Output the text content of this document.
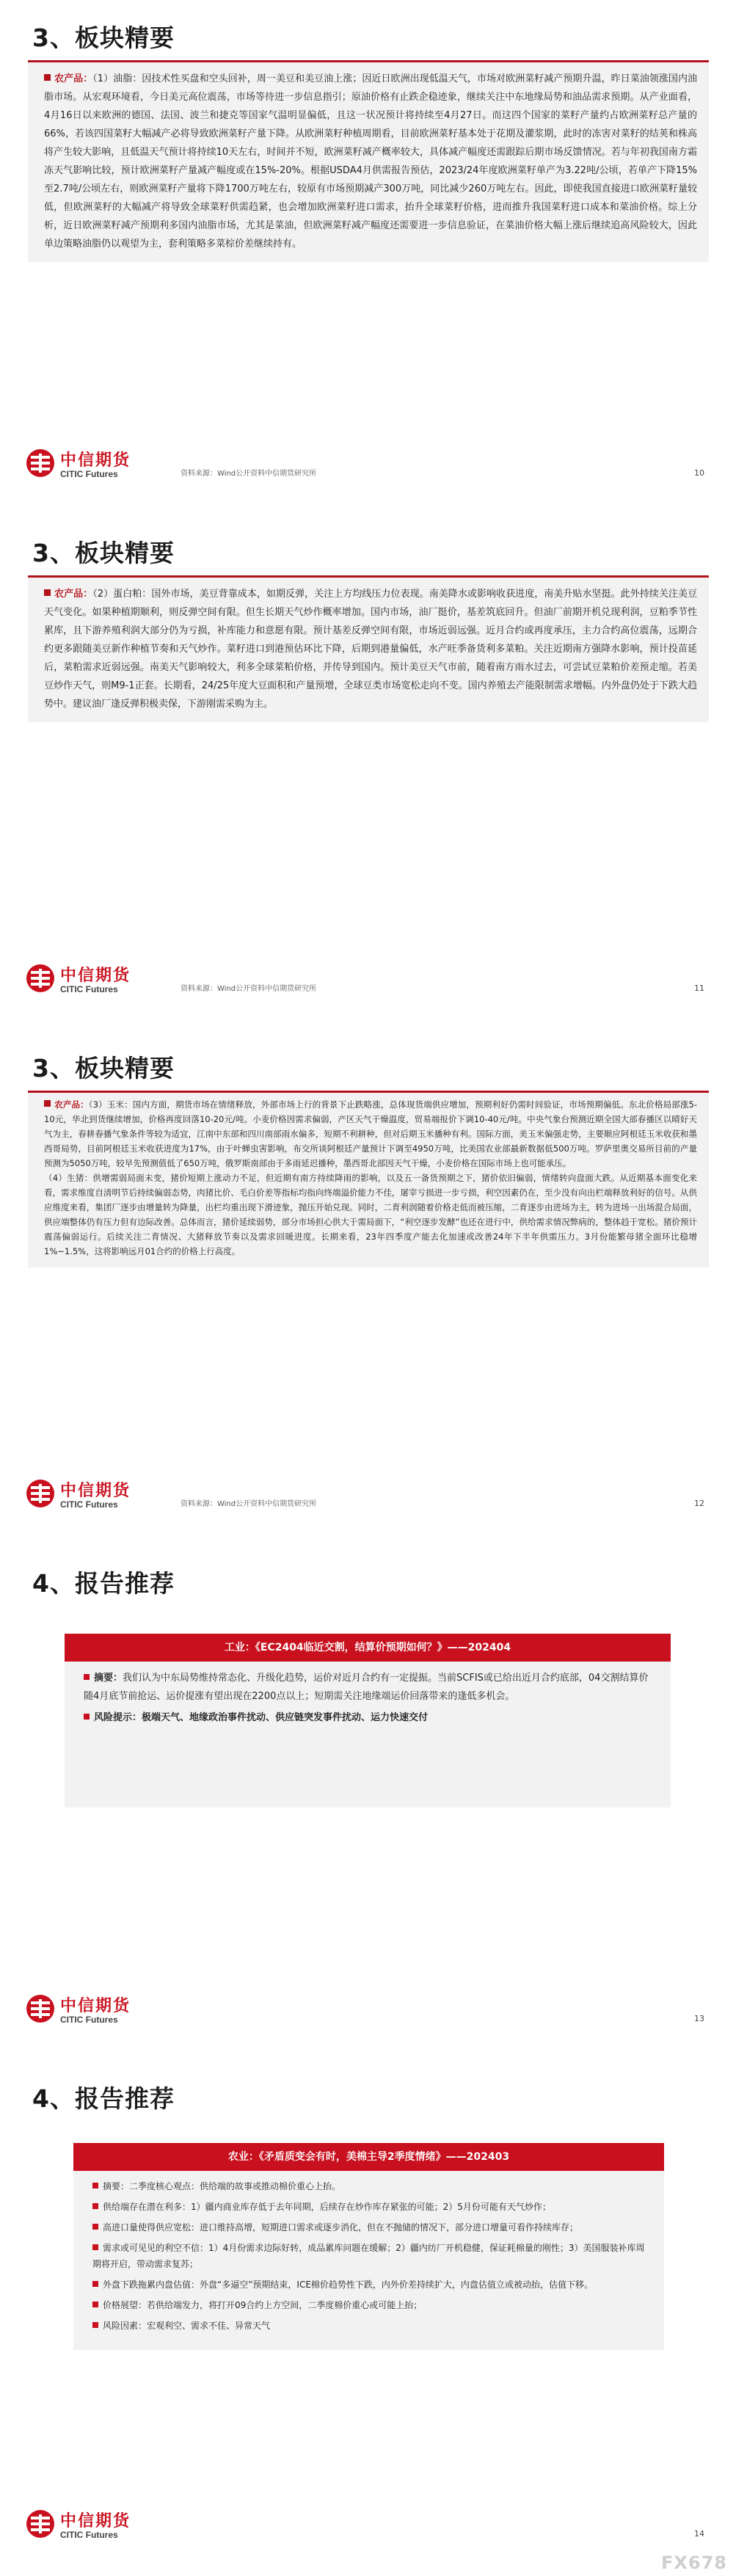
3、板块精要

农产品：（1）油脂：因技术性买盘和空头回补，周一美豆和美豆油上涨；因近日欧洲出现低温天气，市场对欧洲菜籽减产预期升温，昨日菜油领涨国内油脂市场。从宏观环境看，今日美元高位震荡，市场等待进一步信息指引；原油价格有止跌企稳迹象，继续关注中东地缘局势和油品需求预期。从产业面看，4月16日以来欧洲的德国、法国、波兰和捷克等国家气温明显偏低，且这一状况预计将持续至4月27日。而这四个国家的菜籽产量约占欧洲菜籽总产量的66%，若该四国菜籽大幅减产必将导致欧洲菜籽产量下降。从欧洲菜籽种植周期看，目前欧洲菜籽基本处于花期及灌浆期，此时的冻害对菜籽的结荚和株高将产生较大影响，且低温天气预计将持续10天左右，时间并不短，欧洲菜籽减产概率较大，具体减产幅度还需跟踪后期市场反馈情况。若与年初我国南方霜冻天气影响比较，预计欧洲菜籽产量减产幅度或在15%-20%。根据USDA4月供需报告预估，2023/24年度欧洲菜籽单产为3.22吨/公顷，若单产下降15%至2.7吨/公顷左右，则欧洲菜籽产量将下降1700万吨左右，较原有市场预期减产300万吨，同比减少260万吨左右。因此，即使我国直接进口欧洲菜籽量较低，但欧洲菜籽的大幅减产将导致全球菜籽供需趋紧，也会增加欧洲菜籽进口需求，抬升全球菜籽价格，进而推升我国菜籽进口成本和菜油价格。综上分析，近日欧洲菜籽减产预期利多国内油脂市场，尤其是菜油，但欧洲菜籽减产幅度还需要进一步信息验证，在菜油价格大幅上涨后继续追高风险较大，因此单边策略油脂仍以观望为主，套利策略多菜棕价差继续持有。

中信期货
CITIC Futures	资料来源：Wind公开资料中信期货研究所	10
3、板块精要

农产品：（2）蛋白粕：国外市场，美豆背靠成本，如期反弹，关注上方均线压力位表现。南美降水或影响收获进度，南美升贴水坚挺。此外持续关注美豆天气变化。如果种植期顺利，则反弹空间有限。但生长期天气炒作概率增加。国内市场，油厂挺价，基差筑底回升。但油厂前期开机兑现利润，豆粕季节性累库，且下游养殖利润大部分仍为亏损，补库能力和意愿有限。预计基差反弹空间有限，市场近弱远强。近月合约或再度承压，主力合约高位震荡，远期合约更多跟随美豆新作种植节奏和天气炒作。菜籽进口到港预估环比下降，后期到港量偏低，水产旺季备货利多菜粕。关注近期南方强降水影响，预计投苗延后，菜粕需求近弱远强。南美天气影响较大，利多全球菜粕价格，并传导到国内。预计美豆天气市前，随着南方雨水过去，可尝试豆菜粕价差预走缩。若美豆炒作天气，则M9-1正套。长期看，24/25年度大豆面积和产量预增，全球豆类市场宽松走向不变。国内养殖去产能限制需求增幅。内外盘仍处于下跌大趋势中。建议油厂逢反弹积极卖保，下游刚需采购为主。

中信期货
CITIC Futures	资料来源：Wind公开资料中信期货研究所	11
3、板块精要

农产品：（3）玉米：国内方面，期货市场在情绪释放，外部市场上行的背景下止跌略涨，总体现货端供应增加，预期利好仍需时间验证，市场预期偏低。东北价格局部涨5-10元，华北到货继续增加，价格再度回落10-20元/吨。小麦价格因需求偏弱，产区天气干燥温度，贸易端报价下调10-40元/吨。中央气象台预测近期全国大部春播区以晴好天气为主，春耕春播气象条件等较为适宜，江南中东部和四川南部雨水偏多，短期不利耕种，但对后期玉米播种有利。国际方面，美玉米偏强走势，主要顺应阿根廷玉米收获和墨西哥局势，目前阿根廷玉米收获进度为17%，由于叶蝉虫害影响，布交所谈阿根廷产量预计下调至4950万吨，比美国农业部最新数据低500万吨。罗萨里奥交易所目前的产量预测为5050万吨，较早先预测值低了650万吨，俄罗斯南部由于多雨延迟播种，墨西哥北部因天气干燥，小麦价格在国际市场上也可能承压。
（4）生猪：供增需弱局面未变，猪价短期上涨动力不足，但近期有南方持续降雨的影响，以及五一备货预期之下，猪价依旧偏弱，情绪转向盘面大跌。从近期基本面变化来看，需求维度自清明节后持续偏弱态势，肉猪比价、毛白价差等指标均指向终端溢价能力不佳，屠宰亏损进一步亏损，利空因素仍在，至少没有向出栏端释放利好的信号。从供应维度来看，集团厂逐步由增量转为降量，出栏均重出现下滑迹象，抛压开始兑现。同时，二育利润随着价格走低而被压缩，二育逐步由进场为主，转为进场一出场混合局面，供应端整体仍有压力但有边际改善。总体而言，猪价延续弱势，部分市场担心供大于需局面下，“利空逐步发酵”也还在进行中，供给需求情况弊病的，整体趋于宽松。猪价预计震荡偏弱运行。后续关注二育情况、大猪释放节奏以及需求回暖进度。长期来看，23年四季度产能去化加速或改善24年下半年供需压力。3月份能繁母猪全面环比稳增1%~1.5%，这将影响远月01合约的价格上行高度。

中信期货
CITIC Futures	资料来源：Wind公开资料中信期货研究所	12
4、报告推荐
工业：《EC2404临近交割，结算价预期如何？》——202404
摘要：我们认为中东局势维持常态化、升级化趋势，运价对近月合约有一定提振。当前SCFIS或已给出近月合约底部，04交割结算价随4月底节前抢运、运价提涨有望出现在2200点以上；短期需关注地缘端运价回落带来的逢低多机会。
风险提示：极端天气、地缘政治事件扰动、供应链突发事件扰动、运力快速交付
中信期货
CITIC Futures	13
4、报告推荐
农业：《矛盾质变会有时，美棉主导2季度情绪》——202403
摘要：二季度核心观点：供给端的故事或推动棉价重心上抬。
供给端存在潜在利多：1）疆内商业库存低于去年同期，后续存在炒作库存紧张的可能；2）5月份可能有天气炒作；
高进口量使得供应宽松：进口维持高增，短期进口需求或逐步消化，但在不抛储的情况下，部分进口增量可看作持续库存；
需求或可见见的利空不信：1）4月份需求边际好转，成品累库问题在缓解；2）疆内纺厂开机稳健，保证耗棉量的刚性；3）美国服装补库周期将开启，带动需求复苏；
外盘下跌拖累内盘估值：外盘“多逼空”预期结束，ICE棉价趋势性下跌，内外价差持续扩大，内盘估值立或被动抬，估值下移。
价格展望：若供给端发力，将打开09合约上方空间，二季度棉价重心或可能上抬；
风险因素：宏观利空、需求不佳、异常天气
中信期货
CITIC Futures	14
FX678
